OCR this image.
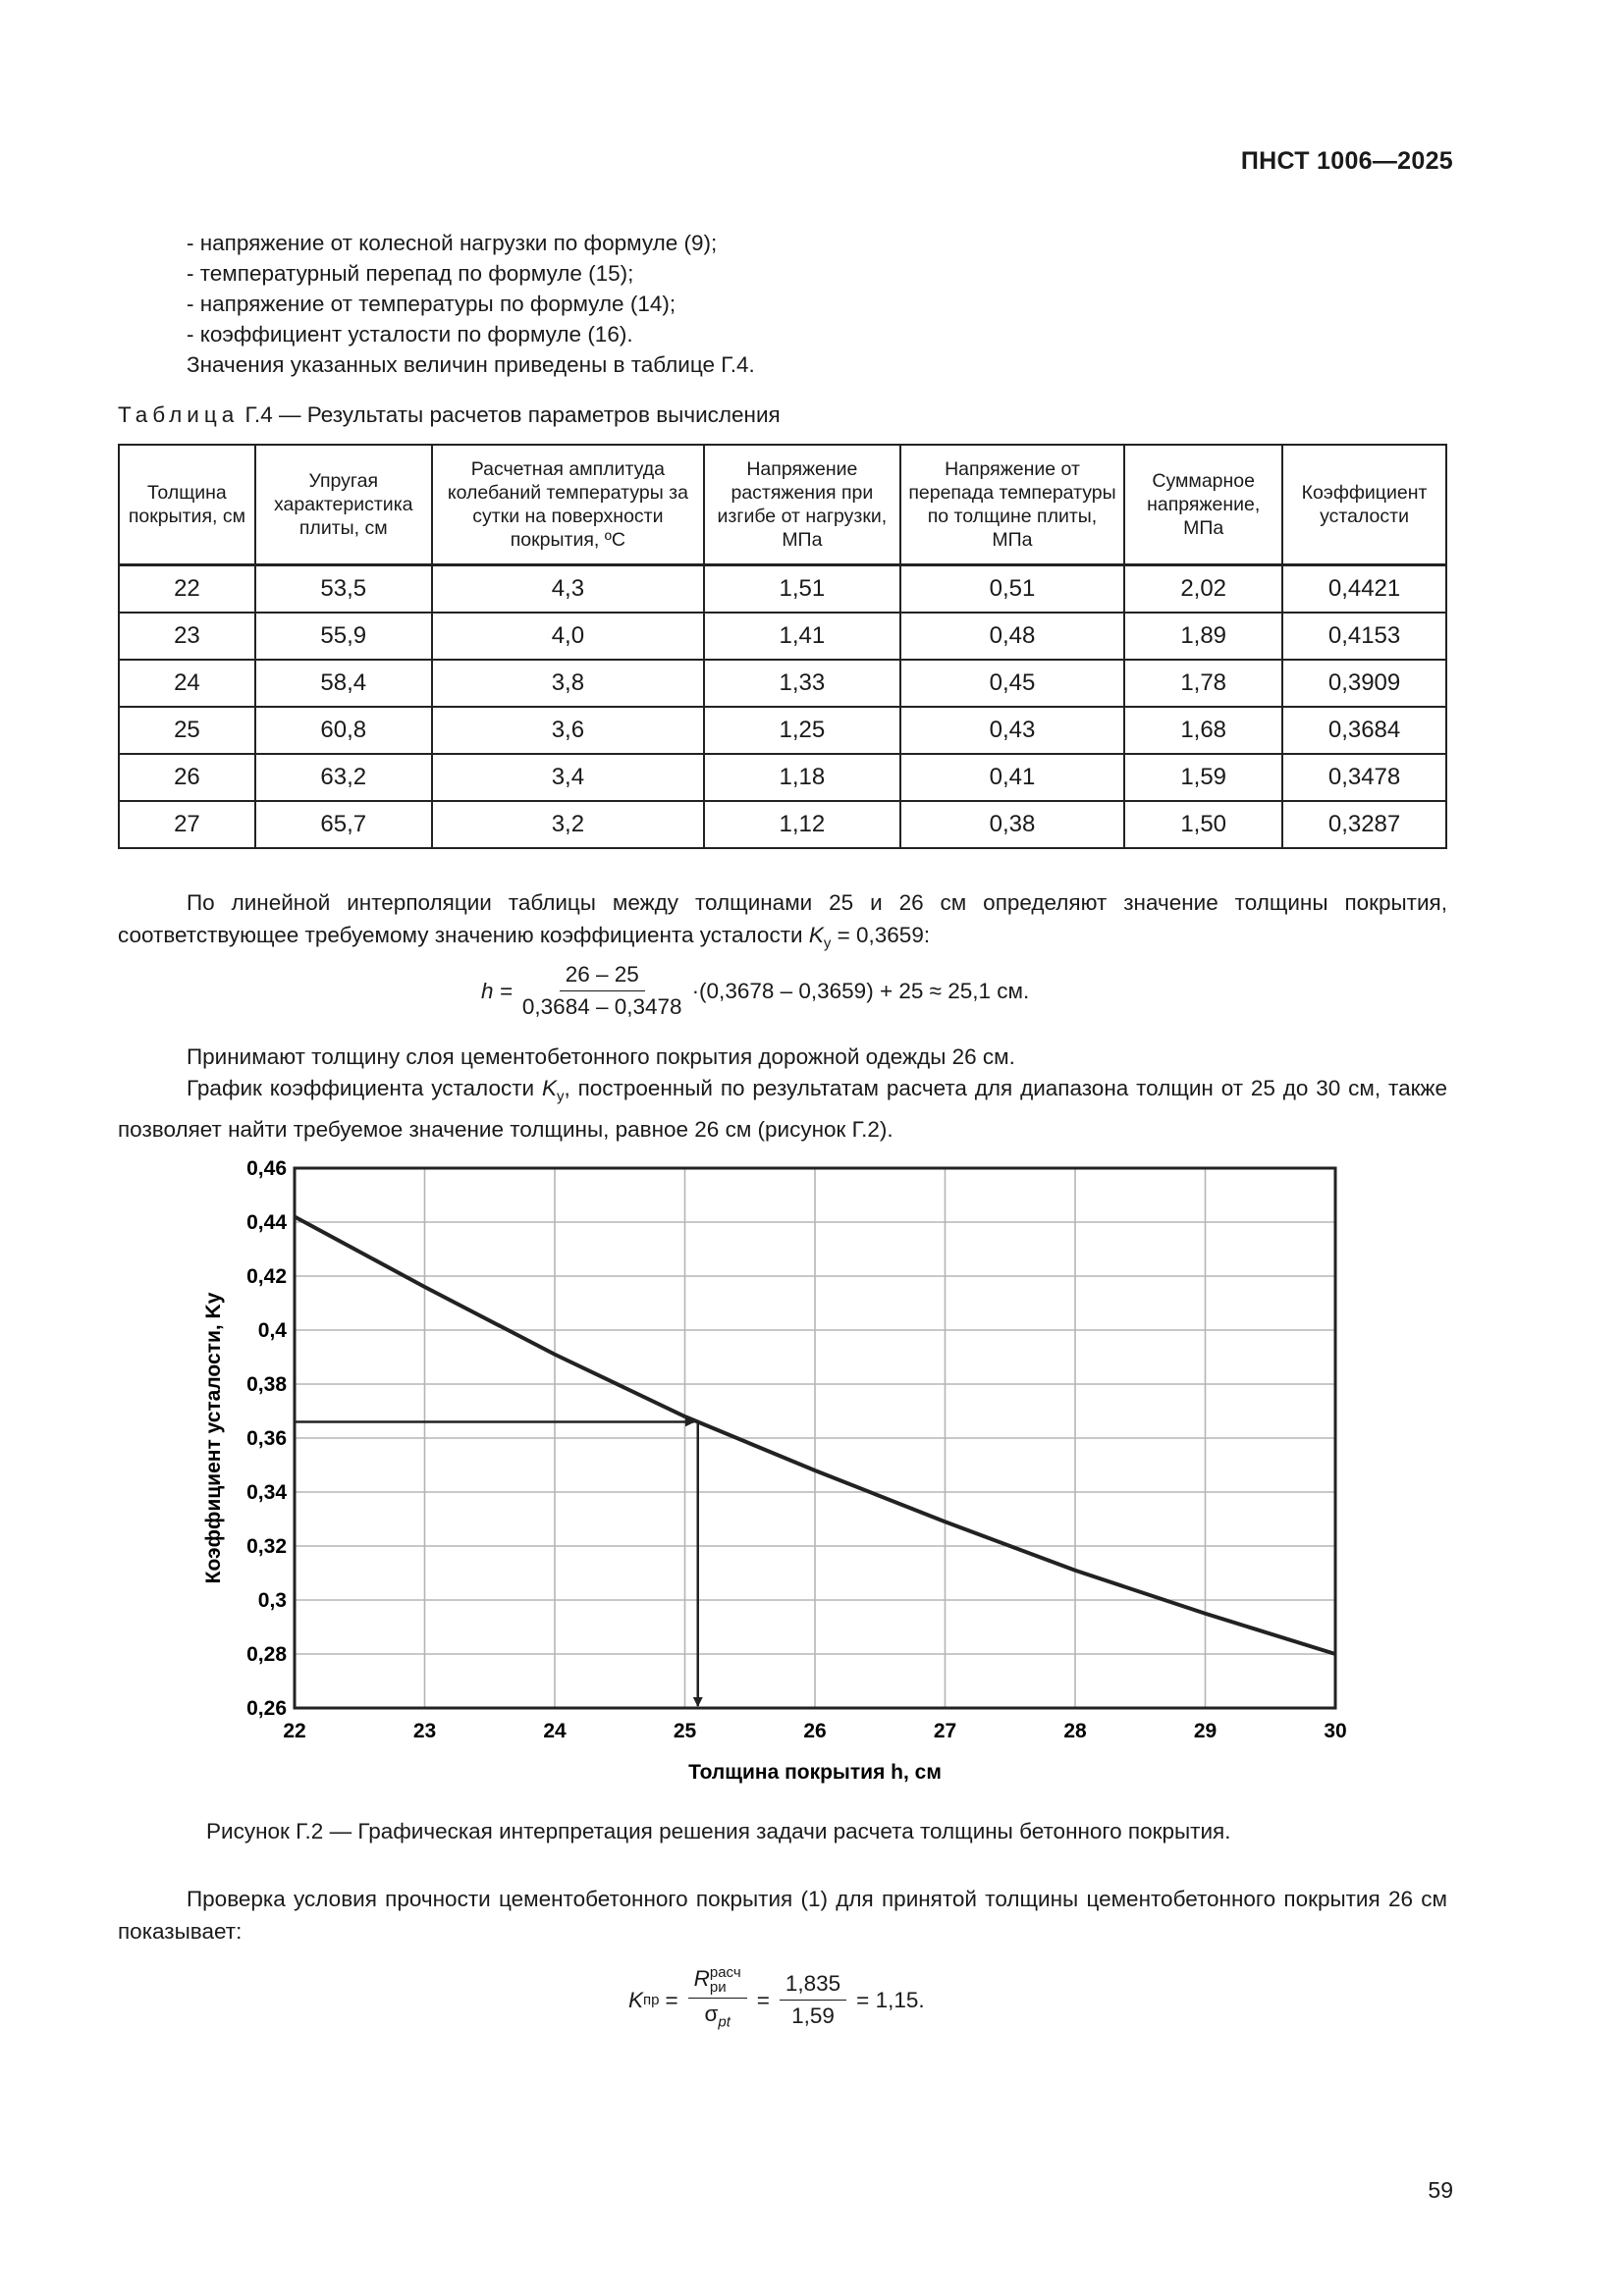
ПНСТ 1006—2025
- напряжение от колесной нагрузки по формуле (9);
- температурный перепад по формуле (15);
- напряжение от температуры по формуле (14);
- коэффициент усталости по формуле (16).
Значения указанных величин приведены в таблице Г.4.
Таблица Г.4 — Результаты расчетов параметров вычисления
Толщина покрытия, см	Упругая характеристика плиты, см	Расчетная амплитуда колебаний температуры за сутки на поверхности покрытия, ºС	Напряжение растяжения при изгибе от нагрузки, МПа	Напряжение от перепада температуры по толщине плиты, МПа	Суммарное напряжение, МПа	Коэффициент усталости
22	53,5	4,3	1,51	0,51	2,02	0,4421
23	55,9	4,0	1,41	0,48	1,89	0,4153
24	58,4	3,8	1,33	0,45	1,78	0,3909
25	60,8	3,6	1,25	0,43	1,68	0,3684
26	63,2	3,4	1,18	0,41	1,59	0,3478
27	65,7	3,2	1,12	0,38	1,50	0,3287
По линейной интерполяции таблицы между толщинами 25 и 26 см определяют значение толщины покрытия, соответствующее требуемому значению коэффициента усталости $K_у = 0,3659$:
$h = \frac{26 - 25}{0,3684 - 0,3478} \cdot(0,3678 - 0,3659) + 25 \approx 25,1$ см.
Принимают толщину слоя цементобетонного покрытия дорожной одежды 26 см.
График коэффициента усталости $K_у$, построенный по результатам расчета для диапазона толщин от 25 до 30 см, также позволяет найти требуемое значение толщины, равное 26 см (рисунок Г.2).
0,26
0,28
0,3
0,32
0,34
0,36
0,38
0,4
0,42
0,44
0,46
22	23	24	25	26	27	28	29	30
Толщина покрытия h, см
Коэффициент усталости, Kу
Рисунок Г.2 — Графическая интерпретация решения задачи расчета толщины бетонного покрытия.
Проверка условия прочности цементобетонного покрытия (1) для принятой толщины цементобетонного покрытия 26 см показывает:
K пр = R расч
ри
$\sigma_{pt} = \frac{1,835}{1,59} = 1,15$.
59
